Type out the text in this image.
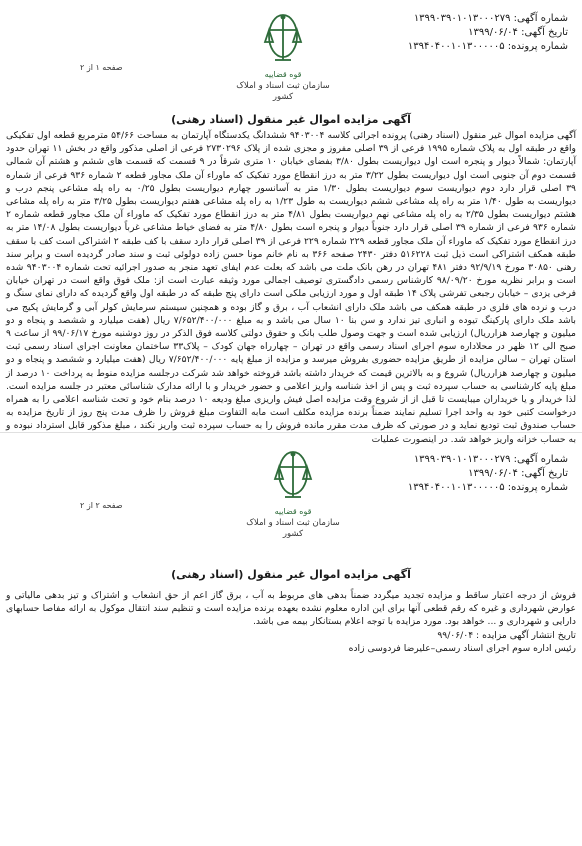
شماره آگهی: ۱۳۹۹۰۳۹۰۱۰۱۳۰۰۰۲۷۹
تاریخ آگهی: ۱۳۹۹/۰۶/۰۴
شماره پرونده: ۱۳۹۴۰۴۰۰۱۰۱۳۰۰۰۰۰۵
قوه قضاییه
سازمان ثبت اسناد و املاک کشور
صفحه ۱ از ۲
آگهی مزایده اموال غیر منقول (اسناد رهنی)
آگهی مزایده اموال غیر منقول (اسناد رهنی) پرونده اجرائی کلاسه ۹۴۰۳۰۰۴ ششدانگ یکدستگاه آپارتمان به مساحت ۵۴/۶۶ مترمربع قطعه اول تفکیکی واقع در طبقه اول به پلاک شماره ۱۹۹۵ فرعی از ۳۹ اصلی مفروز و مجزی شده از پلاک ۲۷۳۰۲۹۶ فرعی از اصلی مذکور واقع در بخش ۱۱ تهران حدود آپارتمان: شمالاً دیوار و پنجره است اول دیواریست بطول ۳/۸۰ بفضای خیابان ۱۰ متری شرقاً در ۹ قسمت که قسمت های ششم و هشتم آن شمالی قسمت دوم آن جنوبی است اول دیواریست بطول ۳/۲۲ متر به درز انقطاع مورد تفکیک که ماوراء آن ملک مجاور قطعه ۲ شماره ۹۳۶ فرعی از شماره ۳۹ اصلی قرار دارد دوم دیواریست سوم دیواریست بطول ۱/۳۰ متر به آسانسور چهارم دیواریست بطول ۰/۲۵ به راه پله مشاعی پنجم درب و دیواریست به طول ۱/۴۰ متر به راه پله مشاعی ششم دیواریست به طول ۱/۲۳ به راه پله مشاعی هفتم دیواریست بطول ۳/۲۵ متر به راه پله مشاعی هشتم دیواریست بطول ۲/۳۵ به راه پله مشاعی نهم دیواریست بطول ۴/۸۱ متر به درز انقطاع مورد تفکیک که ماوراء آن ملک مجاور قطعه شماره ۲ شماره ۹۳۶ فرعی از شماره ۳۹ اصلی قرار دارد جنوباً دیوار و پنجره است بطول ۴/۸۰ متر به فضای خیاط مشاعی غرباً دیواریست بطول ۱۴/۰۸ متر به درز انقطاع مورد تفکیک که ماوراء آن ملک مجاور قطعه ۲۲۹ شماره ۲۲۹ فرعی از ۳۹ اصلی قرار دارد سقف با کف طبقه ۲ اشتراکی است کف با سقف طبقه همکف اشتراکی است ذیل ثبت ۵۱۶۲۲۸ دفتر ۲۴۳۰ صفحه ۳۶۶ به نام خانم مونا حسن زاده دولوئی ثبت و سند صادر گردیده است و برابر سند رهنی ۳۰۸۵۰ مورخ ۹۲/۹/۱۹ دفتر ۴۸۱ تهران در رهن بانک ملت می باشد که بعلت عدم ایفای تعهد منجر به صدور اجرائیه تحت شماره ۹۴۰۳۰۰۴ شده است و برابر نظریه مورخ ۹۸/۰۹/۲۰ کارشناس رسمی دادگستری توصیف اجمالی مورد وثیقه عبارت است از: ملک فوق واقع است در تهران خیابان فرخی یزدی – خیابان رجبعی تفرشی پلاک ۱۴ طبقه اول و مورد ارزیابی ملکی است دارای پنج طبقه که در طبقه اول واقع گردیده که دارای نمای سنگ و درب و نرده های فلزی در طبقه همکف می باشد ملک دارای انشعاب آب ، برق و گاز بوده و همچنین سیستم سرمایش کولر آبی و گرمایش پکیج می باشد ملک دارای پارکینگ تیوده و انباری تیز ندارد و سن بنا ۱۰ سال می باشد و به مبلغ ۷/۶۵۲/۴۰۰/۰۰۰ ریال (هفت میلیارد و ششصد و پنجاه و دو میلیون و چهارصد هزارریال) ارزیابی شده است و جهت وصول طلب بانک و حقوق دولتی کلاسه فوق الذکر در روز دوشنبه مورخ ۹۹/۰۶/۱۷ از ساعت ۹ صبح الی ۱۲ ظهر در محلاداره سوم اجرای اسناد رسمی واقع در تهران – چهارراه جهان کودک – پلاک۳۳ ساختمان معاونت اجرای اسناد رسمی ثبت استان تهران – سالن مزایده از طریق مزایده حضوری بفروش میرسد و مزایده از مبلغ پایه ۷/۶۵۲/۴۰۰/۰۰۰ ریال (هفت میلیارد و ششصد و پنجاه و دو میلیون و چهارصد هزارریال) شروع و به بالاترین قیمت که خریدار داشته باشد فروخته خواهد شد شرکت درجلسه مزایده منوط به پرداخت ۱۰ درصد از مبلغ پایه کارشناسی به حساب سپرده ثبت و پس از اخذ شناسه واریز اعلامی و حضور خریدار و با ارائه مدارک شناسائی معتبر در جلسه مزایده است. لذا خریدار و یا خریداران میبایست تا قبل از از شروع وقت مزایده اصل فیش واریزی مبلغ ودیعه ۱۰ درصد بنام خود و تحت شناسه اعلامی را به همراه درخواست کتبی خود به واحد اجرا تسلیم نمایند ضمناً برنده مزایده مکلف است مابه التفاوت مبلغ فروش را ظرف مدت پنج روز از تاریخ مزایده به حساب صندوق ثبت تودیع نماید و در صورتی که ظرف مدت مقرر مانده فروش را به حساب سپرده ثبت واریز نکند ، مبلغ مذکور قابل استرداد نبوده و به حساب خزانه واریز خواهد شد. در اینصورت عملیات
شماره آگهی: ۱۳۹۹۰۳۹۰۱۰۱۳۰۰۰۲۷۹
تاریخ آگهی: ۱۳۹۹/۰۶/۰۴
شماره پرونده: ۱۳۹۴۰۴۰۰۱۰۱۳۰۰۰۰۰۵
قوه قضاییه
سازمان ثبت اسناد و املاک کشور
صفحه ۲ از ۲
آگهی مزایده اموال غیر منقول (اسناد رهنی)
فروش از درجه اعتبار ساقط و مزایده تجدید میگردد ضمناً بدهی های مربوط به آب ، برق گاز اعم از حق انشعاب و اشتراک و تیز بدهی مالیاتی و عوارض شهرداری و غیره که رقم قطعی آنها برای این اداره معلوم نشده بعهده برنده مزایده است و تنظیم سند انتقال موکول به ارائه مفاصا حسابهای دارایی و شهرداری و ... خواهد بود. مورد مزایده با توجه اعلام بستانکار بیمه می باشد.
تاریخ انتشار آگهی مزایده : ۹۹/۰۶/۰۴
رئیس اداره سوم اجرای اسناد رسمی–علیرضا فردوسی زاده
